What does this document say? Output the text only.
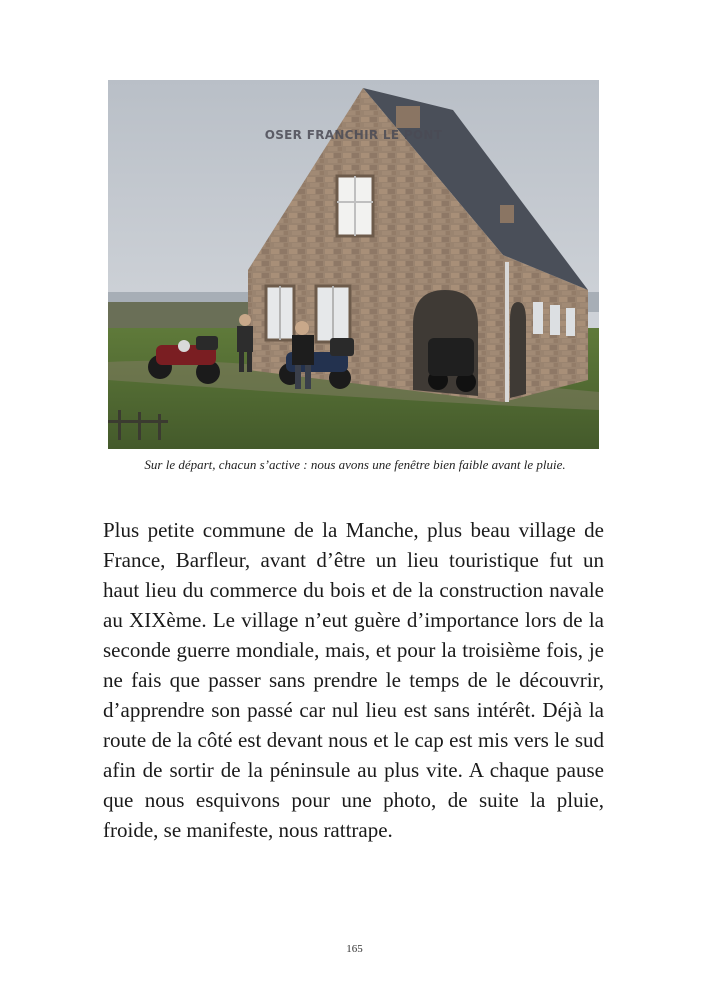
OSER FRANCHIR LE PONT
Sur le départ, chacun s’active : nous avons une fenêtre bien faible avant le pluie.

Plus petite commune de la Manche, plus beau village de France, Barfleur, avant d’être un lieu touristique fut un haut lieu du commerce du bois et de la construction navale au XIXème. Le village n’eut guère d’importance lors de la seconde guerre mondiale, mais, et pour la troisième fois, je ne fais que passer sans prendre le temps de le découvrir, d’apprendre son passé car nul lieu est sans intérêt. Déjà la route de la côté est devant nous et le cap est mis vers le sud afin de sortir de la péninsule au plus vite. A chaque pause que nous esquivons pour une photo, de suite la pluie, froide, se manifeste, nous rattrape.

165
